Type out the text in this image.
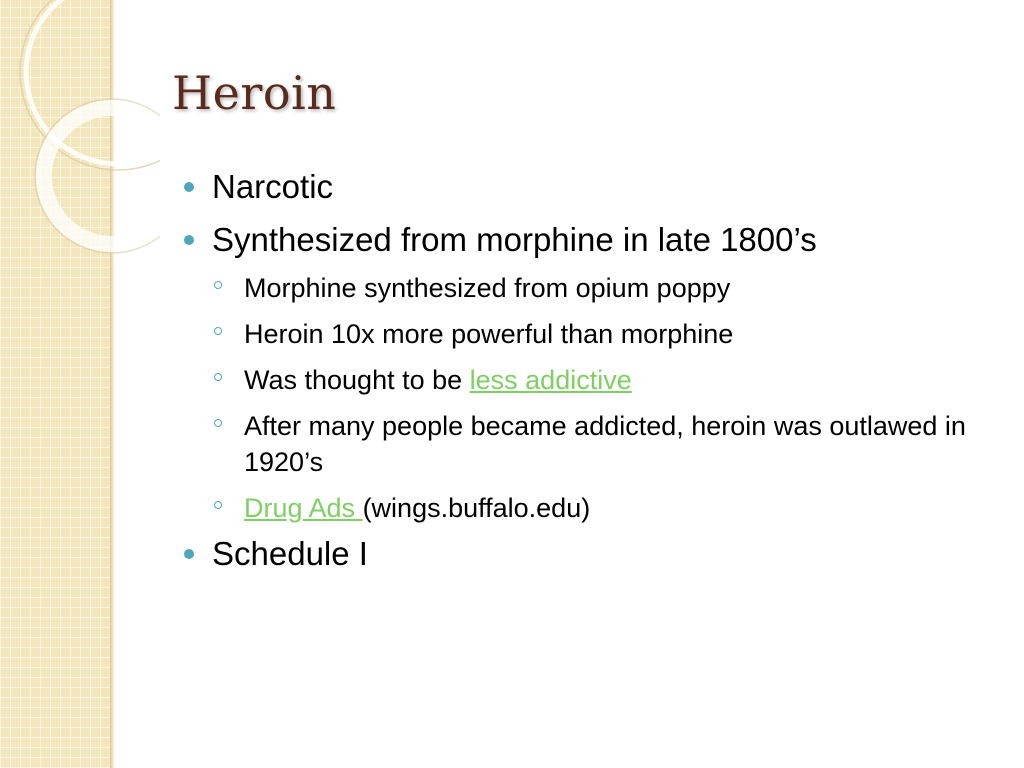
Heroin
Narcotic
Synthesized from morphine in late 1800’s
Morphine synthesized from opium poppy
Heroin 10x more powerful than morphine
Was thought to be less addictive
After many people became addicted, heroin was outlawed in 1920’s
Drug Ads (wings.buffalo.edu)
Schedule I
